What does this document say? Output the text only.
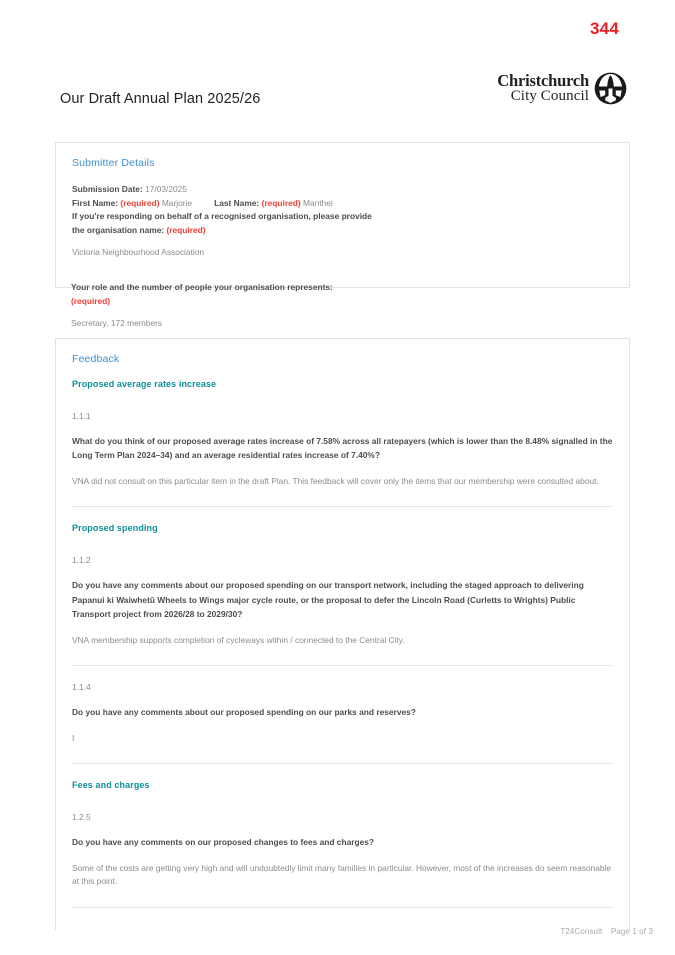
344
Our Draft Annual Plan 2025/26
Christchurch
City Council
Submitter Details

Submission Date: 17/03/2025

First Name: (required) Marjorie	Last Name: (required) Manthei

If you're responding on behalf of a recognised organisation, please provide the organisation name: (required)

Victoria Neighbourhood Association

Your role and the number of people your organisation represents: (required)

Secretary, 172 members

Feedback
Proposed average rates increase

1.1.1

What do you think of our proposed average rates increase of 7.58% across all ratepayers (which is lower than the 8.48% signalled in the Long Term Plan 2024–34) and an average residential rates increase of 7.40%?

VNA did not consult on this particular item in the draft Plan. This feedback will cover only the items that our membership were consulted about.

Proposed spending

1.1.2

Do you have any comments about our proposed spending on our transport network, including the staged approach to delivering Papanui ki Waiwhetū Wheels to Wings major cycle route, or the proposal to defer the Lincoln Road (Curletts to Wrights) Public Transport project from 2026/28 to 2029/30?

VNA membership supports completion of cycleways within / connected to the Central City.

1.1.4

Do you have any comments about our proposed spending on our parks and reserves?

I

Fees and charges

1.2.5

Do you have any comments on our proposed changes to fees and charges?

Some of the costs are getting very high and will undoubtedly limit many families in particular. However, most of the increases do seem reasonable at this point.

T24Consult Page 1 of 3
